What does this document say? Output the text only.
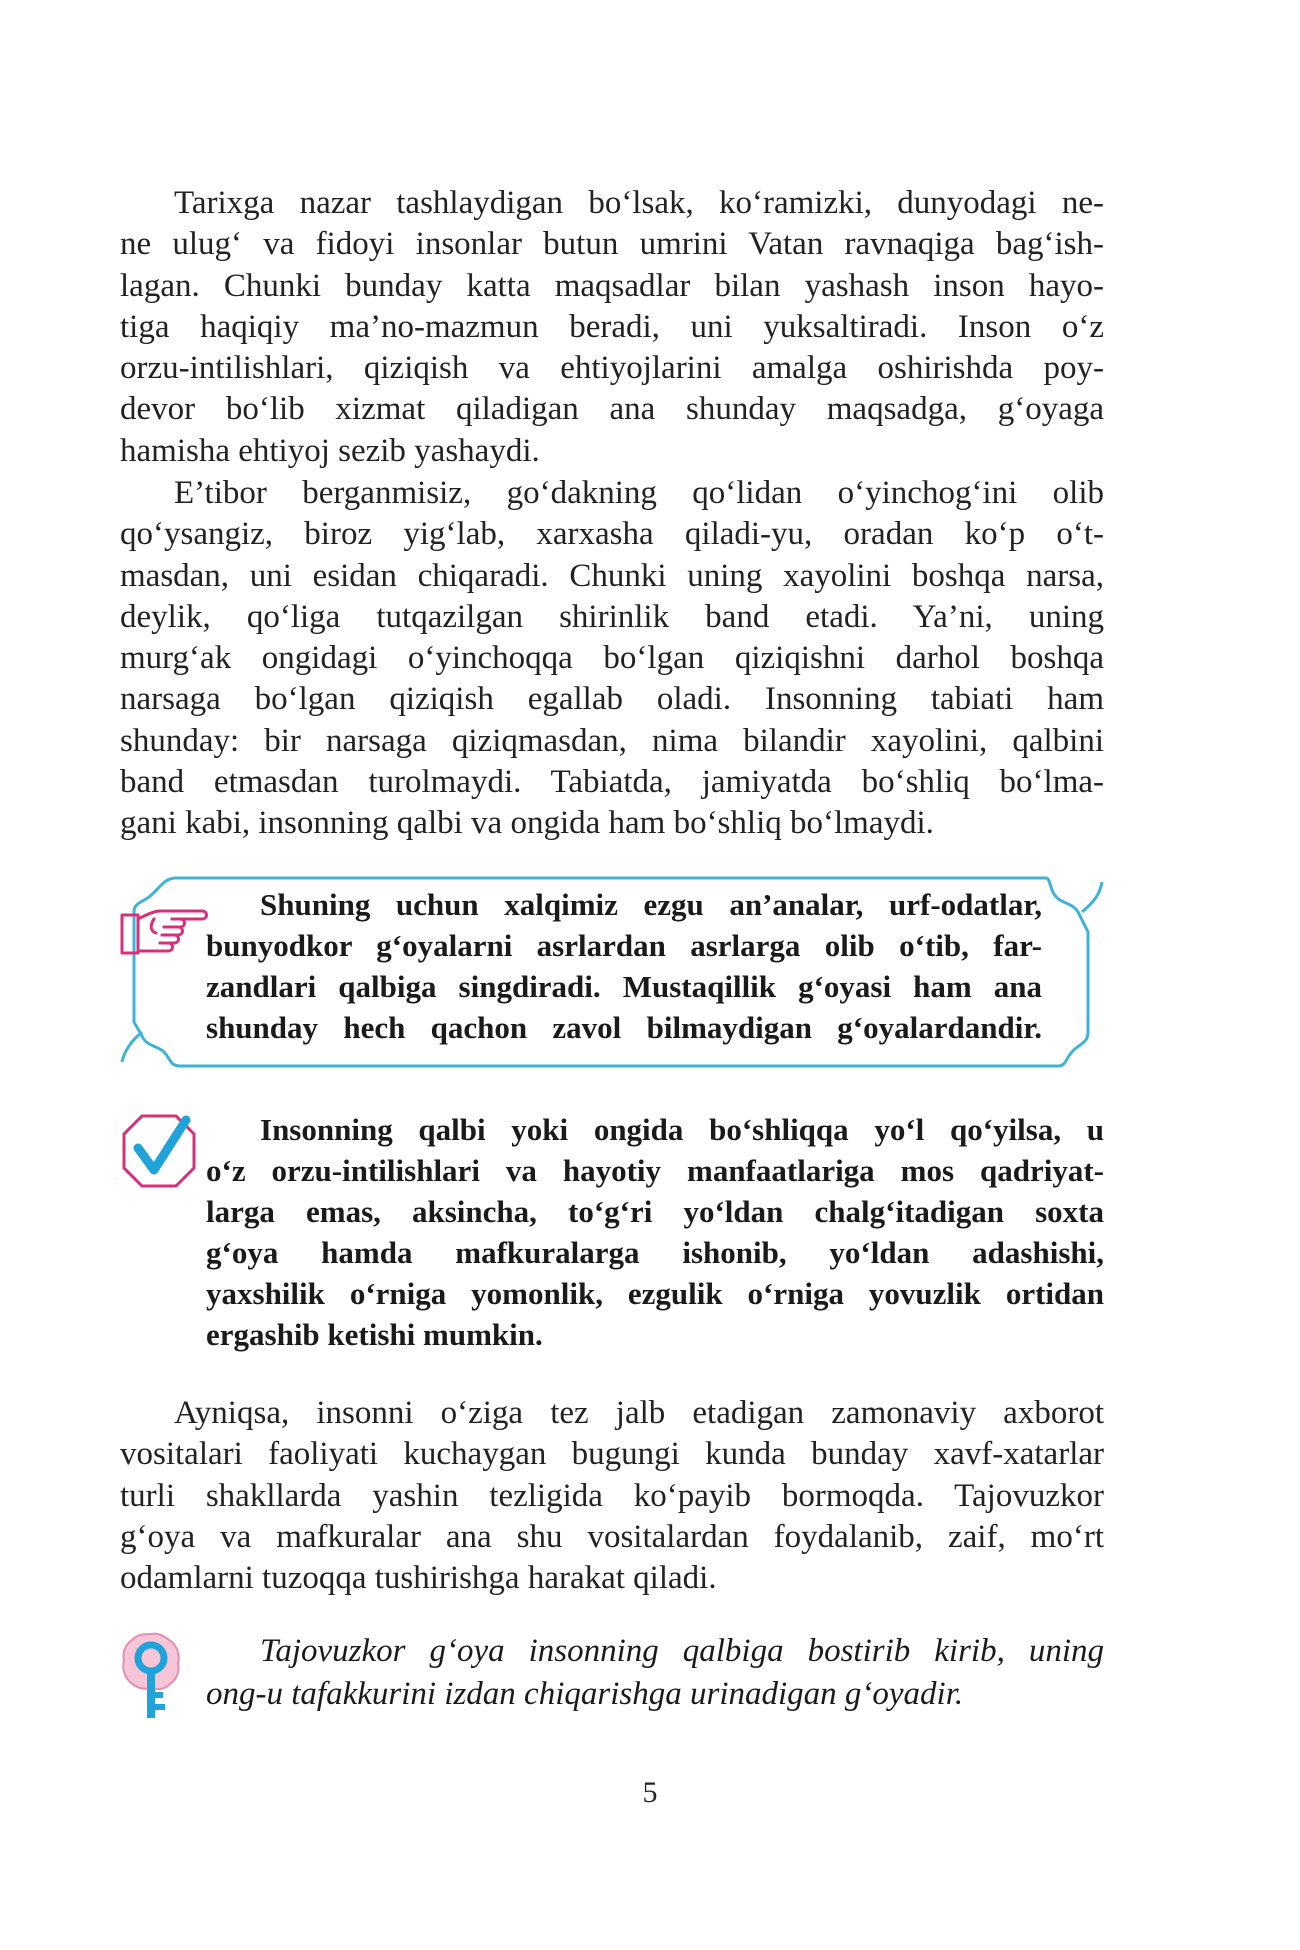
Tarixga nazar tashlaydigan bo‘lsak, ko‘ramizki, dunyodagi ne-
ne ulug‘ va fidoyi insonlar butun umrini Vatan ravnaqiga bag‘ish-
lagan. Chunki bunday katta maqsadlar bilan yashash inson hayo-
tiga haqiqiy ma’no-mazmun beradi, uni yuksaltiradi. Inson o‘z
orzu-intilishlari, qiziqish va ehtiyojlarini amalga oshirishda poy-
devor bo‘lib xizmat qiladigan ana shunday maqsadga, g‘oyaga
hamisha ehtiyoj sezib yashaydi.
E’tibor berganmisiz, go‘dakning qo‘lidan o‘yinchog‘ini olib
qo‘ysangiz, biroz yig‘lab, xarxasha qiladi-yu, oradan ko‘p o‘t-
masdan, uni esidan chiqaradi. Chunki uning xayolini boshqa narsa,
deylik, qo‘liga tutqazilgan shirinlik band etadi. Ya’ni, uning
murg‘ak ongidagi o‘yinchoqqa bo‘lgan qiziqishni darhol boshqa
narsaga bo‘lgan qiziqish egallab oladi. Insonning tabiati ham
shunday: bir narsaga qiziqmasdan, nima bilandir xayolini, qalbini
band etmasdan turolmaydi. Tabiatda, jamiyatda bo‘shliq bo‘lma-
gani kabi, insonning qalbi va ongida ham bo‘shliq bo‘lmaydi.
Shuning uchun xalqimiz ezgu an’analar, urf-odatlar,
bunyodkor g‘oyalarni asrlardan asrlarga olib o‘tib, far-
zandlari qalbiga singdiradi. Mustaqillik g‘oyasi ham ana
shunday hech qachon zavol bilmaydigan g‘oyalardandir.
Insonning qalbi yoki ongida bo‘shliqqa yo‘l qo‘yilsa, u
o‘z orzu-intilishlari va hayotiy manfaatlariga mos qadriyat-
larga emas, aksincha, to‘g‘ri yo‘ldan chalg‘itadigan soxta
g‘oya hamda mafkuralarga ishonib, yo‘ldan adashishi,
yaxshilik o‘rniga yomonlik, ezgulik o‘rniga yovuzlik ortidan
ergashib ketishi mumkin.
Ayniqsa, insonni o‘ziga tez jalb etadigan zamonaviy axborot
vositalari faoliyati kuchaygan bugungi kunda bunday xavf-xatarlar
turli shakllarda yashin tezligida ko‘payib bormoqda. Tajovuzkor
g‘oya va mafkuralar ana shu vositalardan foydalanib, zaif, mo‘rt
odamlarni tuzoqqa tushirishga harakat qiladi.
Tajovuzkor g‘oya insonning qalbiga bostirib kirib, uning
ong-u tafakkurini izdan chiqarishga urinadigan g‘oyadir.
5
